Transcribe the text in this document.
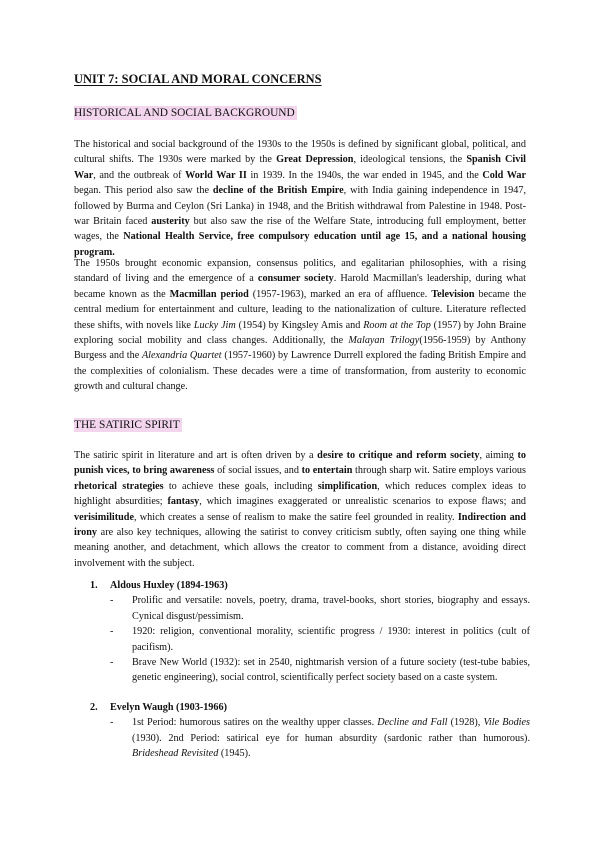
UNIT 7: SOCIAL AND MORAL CONCERNS
HISTORICAL AND SOCIAL BACKGROUND

The historical and social background of the 1930s to the 1950s is defined by significant global, political, and cultural shifts. The 1930s were marked by the Great Depression, ideological tensions, the Spanish Civil War, and the outbreak of World War II in 1939. In the 1940s, the war ended in 1945, and the Cold War began. This period also saw the decline of the British Empire, with India gaining independence in 1947, followed by Burma and Ceylon (Sri Lanka) in 1948, and the British withdrawal from Palestine in 1948. Post-war Britain faced austerity but also saw the rise of the Welfare State, introducing full employment, better wages, the National Health Service, free compulsory education until age 15, and a national housing program.

The 1950s brought economic expansion, consensus politics, and egalitarian philosophies, with a rising standard of living and the emergence of a consumer society. Harold Macmillan's leadership, during what became known as the Macmillan period (1957-1963), marked an era of affluence. Television became the central medium for entertainment and culture, leading to the nationalization of culture. Literature reflected these shifts, with novels like Lucky Jim (1954) by Kingsley Amis and Room at the Top (1957) by John Braine exploring social mobility and class changes. Additionally, the Malayan Trilogy(1956-1959) by Anthony Burgess and the Alexandria Quartet (1957-1960) by Lawrence Durrell explored the fading British Empire and the complexities of colonialism. These decades were a time of transformation, from austerity to economic growth and cultural change.

THE SATIRIC SPIRIT

The satiric spirit in literature and art is often driven by a desire to critique and reform society, aiming to punish vices, to bring awareness of social issues, and to entertain through sharp wit. Satire employs various rhetorical strategies to achieve these goals, including simplification, which reduces complex ideas to highlight absurdities; fantasy, which imagines exaggerated or unrealistic scenarios to expose flaws; and verisimilitude, which creates a sense of realism to make the satire feel grounded in reality. Indirection and irony are also key techniques, allowing the satirist to convey criticism subtly, often saying one thing while meaning another, and detachment, which allows the creator to comment from a distance, avoiding direct involvement with the subject.

1. Aldous Huxley (1894-1963)
- Prolific and versatile: novels, poetry, drama, travel-books, short stories, biography and essays. Cynical disgust/pessimism.
- 1920: religion, conventional morality, scientific progress / 1930: interest in politics (cult of pacifism).
- Brave New World (1932): set in 2540, nightmarish version of a future society (test-tube babies, genetic engineering), social control, scientifically perfect society based on a caste system.
2. Evelyn Waugh (1903-1966)
- 1st Period: humorous satires on the wealthy upper classes. Decline and Fall (1928), Vile Bodies (1930). 2nd Period: satirical eye for human absurdity (sardonic rather than humorous). Brideshead Revisited (1945).
